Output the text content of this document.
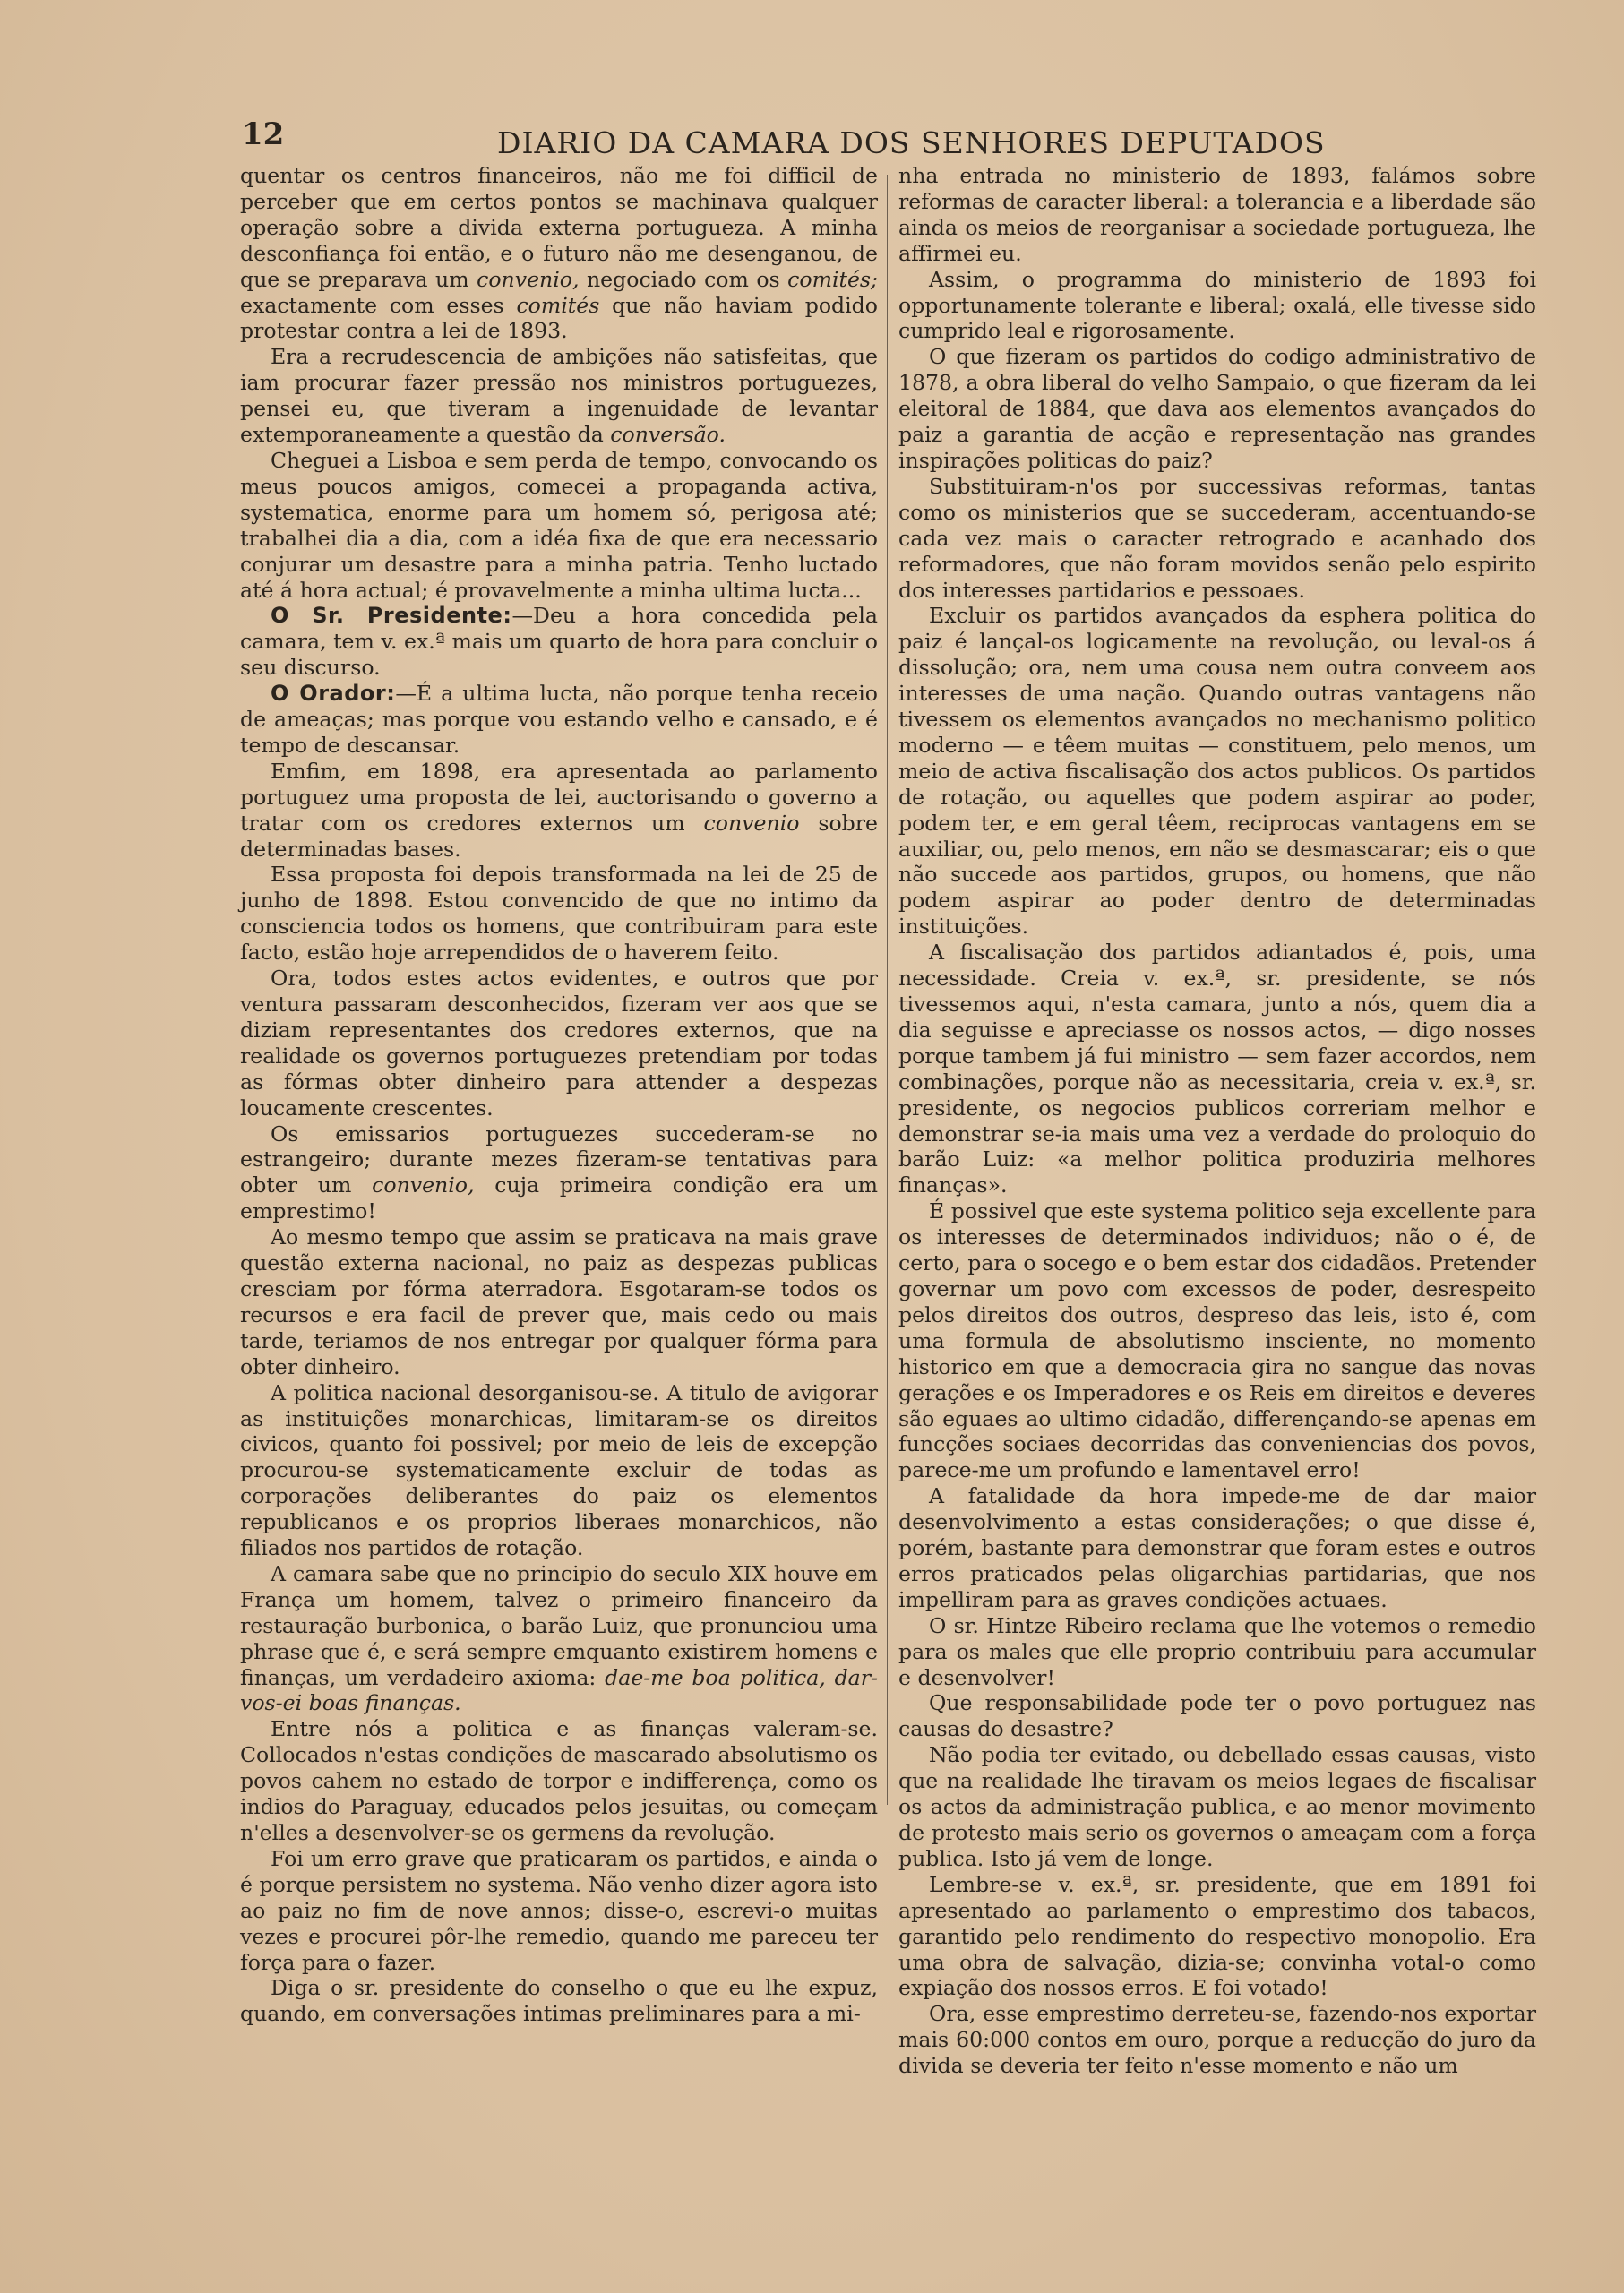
12	DIARIO DA CAMARA DOS SENHORES DEPUTADOS

quentar os centros financeiros, não me foi difficil de perceber que em certos pontos se machinava qualquer operação sobre a divida externa portugueza. A minha desconfiança foi então, e o futuro não me desenganou, de que se preparava um convenio, negociado com os comités; exactamente com esses comités que não haviam podido protestar contra a lei de 1893.

Era a recrudescencia de ambições não satisfeitas, que iam procurar fazer pressão nos ministros portuguezes, pensei eu, que tiveram a ingenuidade de levantar extemporaneamente a questão da conversão.

Cheguei a Lisboa e sem perda de tempo, convocando os meus poucos amigos, comecei a propaganda activa, systematica, enorme para um homem só, perigosa até; trabalhei dia a dia, com a idéa fixa de que era necessario conjurar um desastre para a minha patria. Tenho luctado até á hora actual; é provavelmente a minha ultima lucta...

O Sr. Presidente:—Deu a hora concedida pela camara, tem v. ex.ª mais um quarto de hora para concluir o seu discurso.

O Orador:—É a ultima lucta, não porque tenha receio de ameaças; mas porque vou estando velho e cansado, e é tempo de descansar.

Emfim, em 1898, era apresentada ao parlamento portuguez uma proposta de lei, auctorisando o governo a tratar com os credores externos um convenio sobre determinadas bases.

Essa proposta foi depois transformada na lei de 25 de junho de 1898. Estou convencido de que no intimo da consciencia todos os homens, que contribuiram para este facto, estão hoje arrependidos de o haverem feito.

Ora, todos estes actos evidentes, e outros que por ventura passaram desconhecidos, fizeram ver aos que se diziam representantes dos credores externos, que na realidade os governos portuguezes pretendiam por todas as fórmas obter dinheiro para attender a despezas loucamente crescentes.

Os emissarios portuguezes succederam-se no estrangeiro; durante mezes fizeram-se tentativas para obter um convenio, cuja primeira condição era um emprestimo!

Ao mesmo tempo que assim se praticava na mais grave questão externa nacional, no paiz as despezas publicas cresciam por fórma aterradora. Esgotaram-se todos os recursos e era facil de prever que, mais cedo ou mais tarde, teriamos de nos entregar por qualquer fórma para obter dinheiro.

A politica nacional desorganisou-se. A titulo de avigorar as instituições monarchicas, limitaram-se os direitos civicos, quanto foi possivel; por meio de leis de excepção procurou-se systematicamente excluir de todas as corporações deliberantes do paiz os elementos republicanos e os proprios liberaes monarchicos, não filiados nos partidos de rotação.

A camara sabe que no principio do seculo XIX houve em França um homem, talvez o primeiro financeiro da restauração burbonica, o barão Luiz, que pronunciou uma phrase que é, e será sempre emquanto existirem homens e finanças, um verdadeiro axioma: dae-me boa politica, dar-vos-ei boas finanças.

Entre nós a politica e as finanças valeram-se. Collocados n'estas condições de mascarado absolutismo os povos cahem no estado de torpor e indifferença, como os indios do Paraguay, educados pelos jesuitas, ou começam n'elles a desenvolver-se os germens da revolução.

Foi um erro grave que praticaram os partidos, e ainda o é porque persistem no systema. Não venho dizer agora isto ao paiz no fim de nove annos; disse-o, escrevi-o muitas vezes e procurei pôr-lhe remedio, quando me pareceu ter força para o fazer.

Diga o sr. presidente do conselho o que eu lhe expuz, quando, em conversações intimas preliminares para a mi-

nha entrada no ministerio de 1893, falámos sobre reformas de caracter liberal: a tolerancia e a liberdade são ainda os meios de reorganisar a sociedade portugueza, lhe affirmei eu.

Assim, o programma do ministerio de 1893 foi opportunamente tolerante e liberal; oxalá, elle tivesse sido cumprido leal e rigorosamente.

O que fizeram os partidos do codigo administrativo de 1878, a obra liberal do velho Sampaio, o que fizeram da lei eleitoral de 1884, que dava aos elementos avançados do paiz a garantia de acção e representação nas grandes inspirações politicas do paiz?

Substituiram-n'os por successivas reformas, tantas como os ministerios que se succederam, accentuando-se cada vez mais o caracter retrogrado e acanhado dos reformadores, que não foram movidos senão pelo espirito dos interesses partidarios e pessoaes.

Excluir os partidos avançados da esphera politica do paiz é lançal-os logicamente na revolução, ou leval-os á dissolução; ora, nem uma cousa nem outra conveem aos interesses de uma nação. Quando outras vantagens não tivessem os elementos avançados no mechanismo politico moderno — e têem muitas — constituem, pelo menos, um meio de activa fiscalisação dos actos publicos. Os partidos de rotação, ou aquelles que podem aspirar ao poder, podem ter, e em geral têem, reciprocas vantagens em se auxiliar, ou, pelo menos, em não se desmascarar; eis o que não succede aos partidos, grupos, ou homens, que não podem aspirar ao poder dentro de determinadas instituições.

A fiscalisação dos partidos adiantados é, pois, uma necessidade. Creia v. ex.ª, sr. presidente, se nós tivessemos aqui, n'esta camara, junto a nós, quem dia a dia seguisse e apreciasse os nossos actos, — digo nosses porque tambem já fui ministro — sem fazer accordos, nem combinações, porque não as necessitaria, creia v. ex.ª, sr. presidente, os negocios publicos correriam melhor e demonstrar se-ia mais uma vez a verdade do proloquio do barão Luiz: «a melhor politica produziria melhores finanças».

É possivel que este systema politico seja excellente para os interesses de determinados individuos; não o é, de certo, para o socego e o bem estar dos cidadãos. Pretender governar um povo com excessos de poder, desrespeito pelos direitos dos outros, despreso das leis, isto é, com uma formula de absolutismo insciente, no momento historico em que a democracia gira no sangue das novas gerações e os Imperadores e os Reis em direitos e deveres são eguaes ao ultimo cidadão, differençando-se apenas em funcções sociaes decorridas das conveniencias dos povos, parece-me um profundo e lamentavel erro!

A fatalidade da hora impede-me de dar maior desenvolvimento a estas considerações; o que disse é, porém, bastante para demonstrar que foram estes e outros erros praticados pelas oligarchias partidarias, que nos impelliram para as graves condições actuaes.

O sr. Hintze Ribeiro reclama que lhe votemos o remedio para os males que elle proprio contribuiu para accumular e desenvolver!

Que responsabilidade pode ter o povo portuguez nas causas do desastre?

Não podia ter evitado, ou debellado essas causas, visto que na realidade lhe tiravam os meios legaes de fiscalisar os actos da administração publica, e ao menor movimento de protesto mais serio os governos o ameaçam com a força publica. Isto já vem de longe.

Lembre-se v. ex.ª, sr. presidente, que em 1891 foi apresentado ao parlamento o emprestimo dos tabacos, garantido pelo rendimento do respectivo monopolio. Era uma obra de salvação, dizia-se; convinha votal-o como expiação dos nossos erros. E foi votado!

Ora, esse emprestimo derreteu-se, fazendo-nos exportar mais 60:000 contos em ouro, porque a reducção do juro da divida se deveria ter feito n'esse momento e não um
